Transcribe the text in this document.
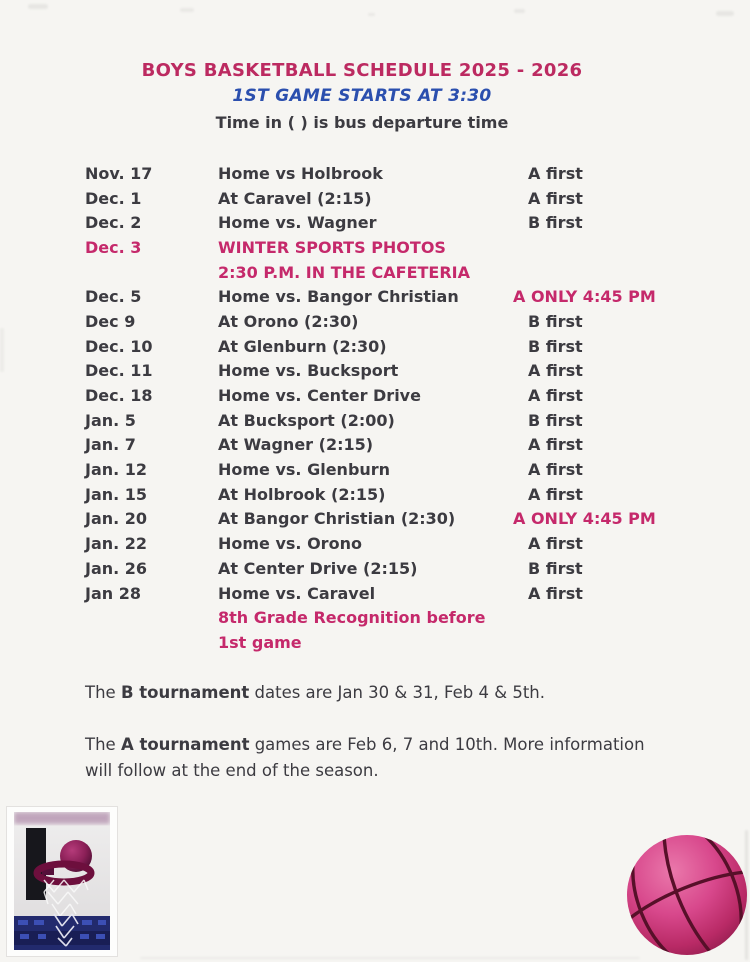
BOYS BASKETBALL SCHEDULE 2025 - 2026
1ST GAME STARTS AT 3:30
Time in ( ) is bus departure time
Nov. 17	Home vs Holbrook	A first
Dec. 1	At Caravel (2:15)	A first
Dec. 2	Home vs. Wagner	B first
Dec. 3	WINTER SPORTS PHOTOS
2:30 P.M. IN THE CAFETERIA
Dec. 5	Home vs. Bangor Christian	A ONLY 4:45 PM
Dec 9	At Orono (2:30)	B first
Dec. 10	At Glenburn (2:30)	B first
Dec. 11	Home vs. Bucksport	A first
Dec. 18	Home vs. Center Drive	A first
Jan. 5	At Bucksport (2:00)	B first
Jan. 7	At Wagner (2:15)	A first
Jan. 12	Home vs. Glenburn	A first
Jan. 15	At Holbrook (2:15)	A first
Jan. 20	At Bangor Christian (2:30)	A ONLY 4:45 PM
Jan. 22	Home vs. Orono	A first
Jan. 26	At Center Drive (2:15)	B first
Jan 28	Home vs. Caravel	A first
8th Grade Recognition before
1st game

The B tournament dates are Jan 30 & 31, Feb 4 & 5th.

The A tournament games are Feb 6, 7 and 10th. More information
will follow at the end of the season.
